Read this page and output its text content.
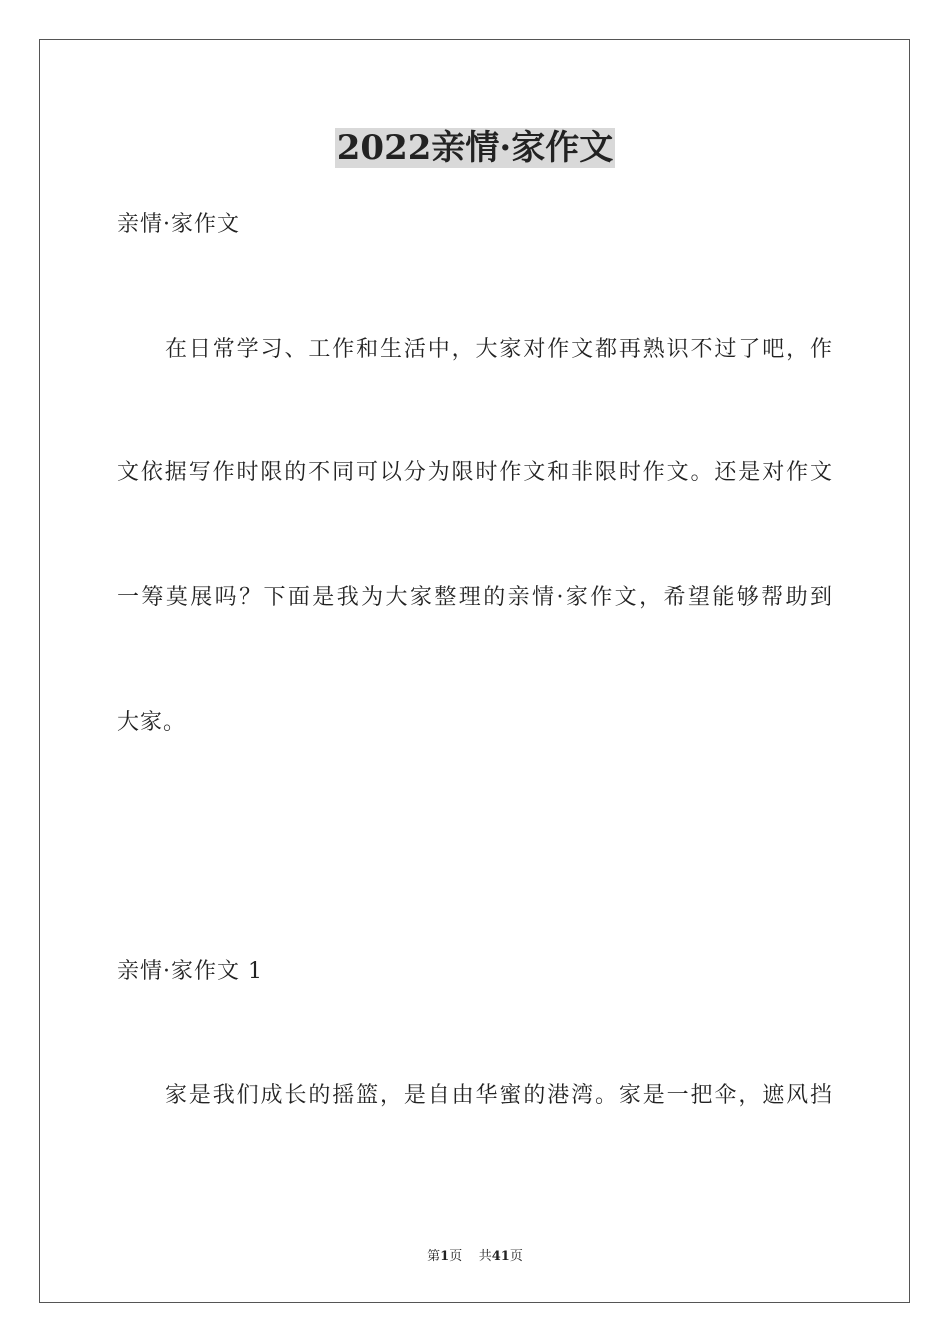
2022亲情·家作文
亲情·家作文
在日常学习、工作和生活中，大家对作文都再熟识不过了吧，作
文依据写作时限的不同可以分为限时作文和非限时作文。还是对作文
一筹莫展吗？下面是我为大家整理的亲情·家作文，希望能够帮助到
大家。
亲情·家作文 1
家是我们成长的摇篮，是自由华蜜的港湾。家是一把伞，遮风挡
第1页 共41页
